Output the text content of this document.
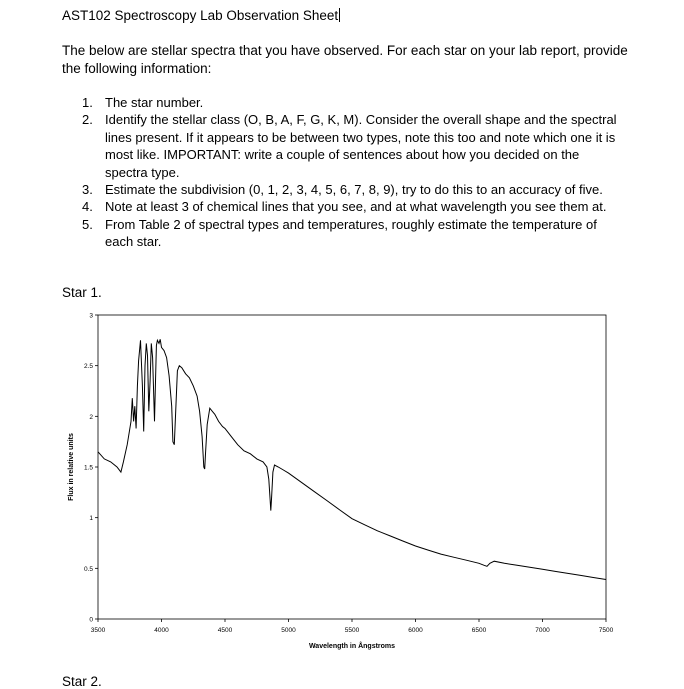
AST102 Spectroscopy Lab Observation Sheet
The below are stellar spectra that you have observed. For each star on your lab report, provide the following information:
1. The star number.
2. Identify the stellar class (O, B, A, F, G, K, M). Consider the overall shape and the spectral lines present. If it appears to be between two types, note this too and note which one it is most like. IMPORTANT: write a couple of sentences about how you decided on the spectra type.
3. Estimate the subdivision (0, 1, 2, 3, 4, 5, 6, 7, 8, 9), try to do this to an accuracy of five.
4. Note at least 3 of chemical lines that you see, and at what wavelength you see them at.
5. From Table 2 of spectral types and temperatures, roughly estimate the temperature of each star.
Star 1.
0
0.5
1
1.5
2
2.5
3
3500	4000	4500	5000	5500	6000	6500	7000	7500
Wavelength in Ångstroms
Flux in relative units
Star 2.
